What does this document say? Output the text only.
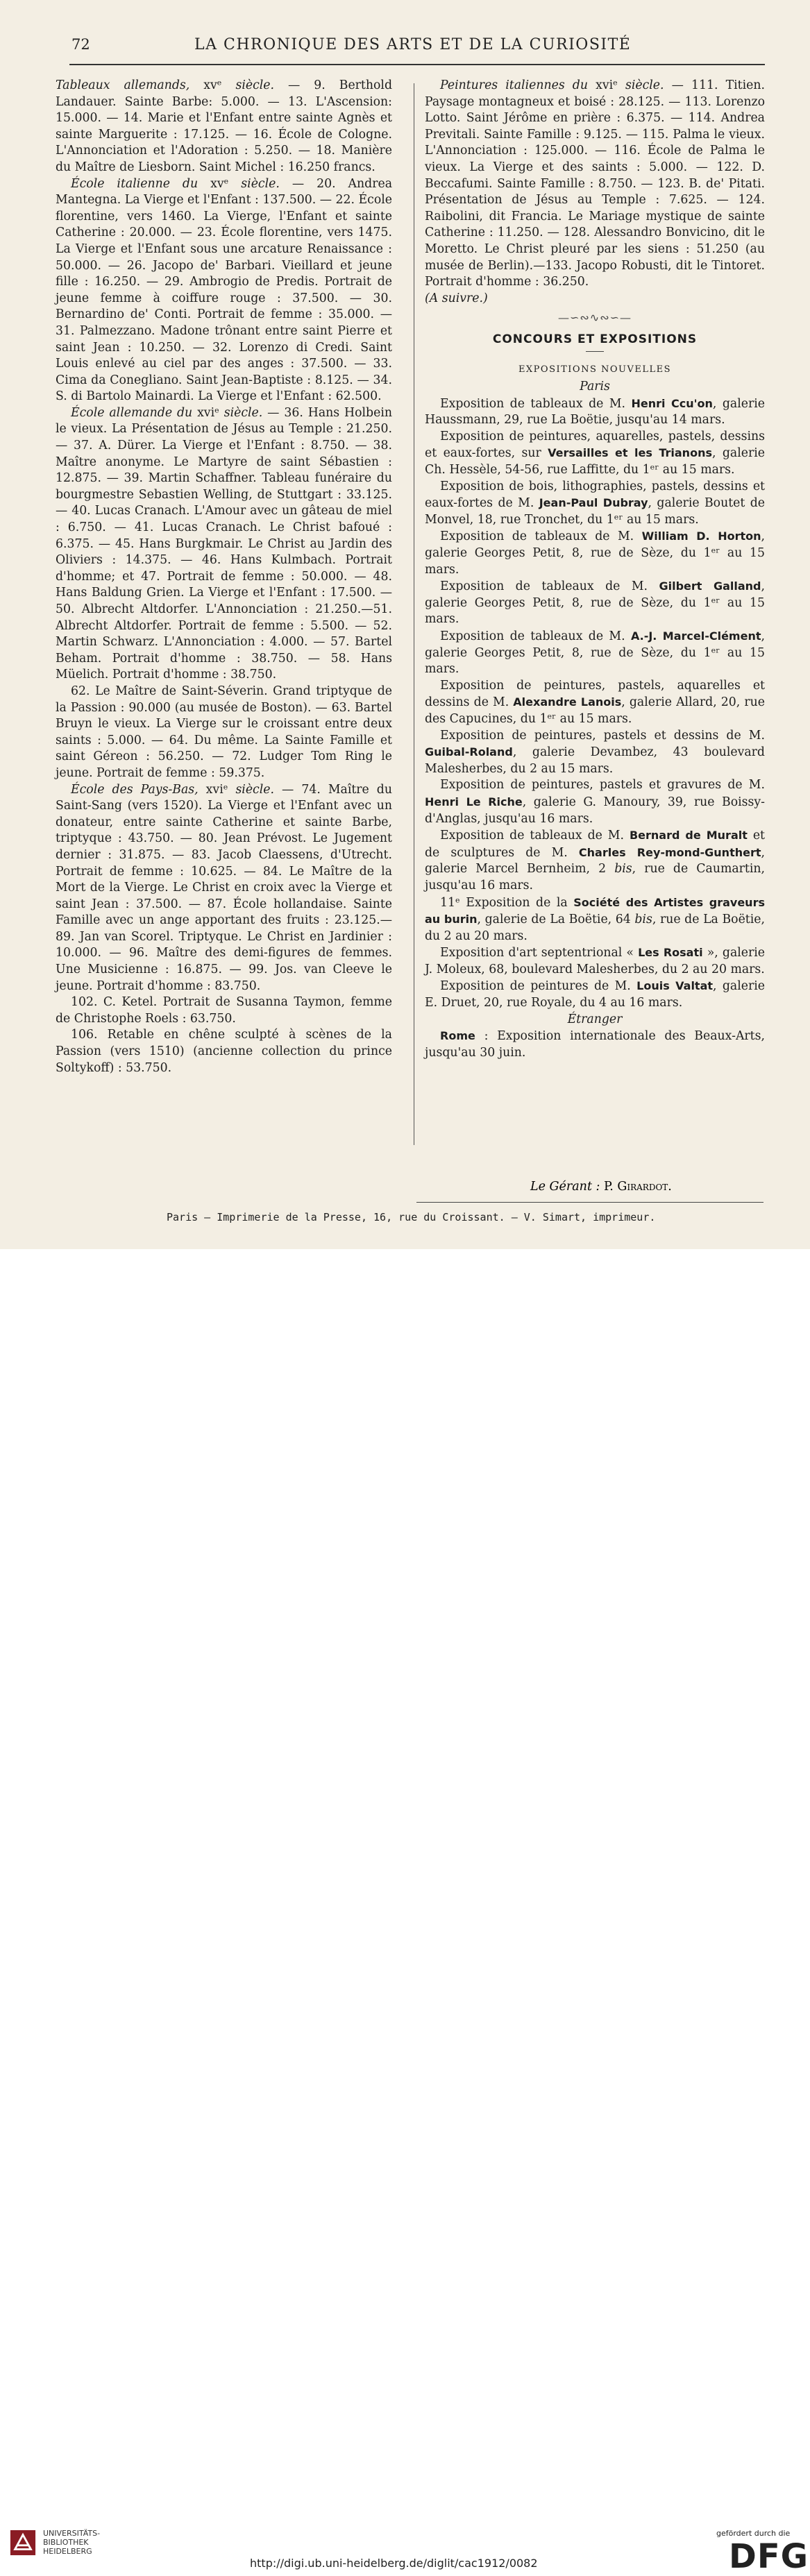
72	LA CHRONIQUE DES ARTS ET DE LA CURIOSITÉ

Tableaux allemands, xvᵉ siècle. — 9. Berthold Landauer. Sainte Barbe: 5.000. — 13. L'Ascension: 15.000. — 14. Marie et l'Enfant entre sainte Agnès et sainte Marguerite : 17.125. — 16. École de Cologne. L'Annonciation et l'Adoration : 5.250. — 18. Manière du Maître de Liesborn. Saint Michel : 16.250 francs.

École italienne du xvᵉ siècle. — 20. Andrea Mantegna. La Vierge et l'Enfant : 137.500. — 22. École florentine, vers 1460. La Vierge, l'Enfant et sainte Catherine : 20.000. — 23. École florentine, vers 1475. La Vierge et l'Enfant sous une arcature Renaissance : 50.000. — 26. Jacopo de' Barbari. Vieillard et jeune fille : 16.250. — 29. Ambrogio de Predis. Portrait de jeune femme à coiffure rouge : 37.500. — 30. Bernardino de' Conti. Portrait de femme : 35.000. — 31. Palmezzano. Madone trônant entre saint Pierre et saint Jean : 10.250. — 32. Lorenzo di Credi. Saint Louis enlevé au ciel par des anges : 37.500. — 33. Cima da Conegliano. Saint Jean-Baptiste : 8.125. — 34. S. di Bartolo Mainardi. La Vierge et l'Enfant : 62.500.

École allemande du xviᵉ siècle. — 36. Hans Holbein le vieux. La Présentation de Jésus au Temple : 21.250. — 37. A. Dürer. La Vierge et l'Enfant : 8.750. — 38. Maître anonyme. Le Martyre de saint Sébastien : 12.875. — 39. Martin Schaffner. Tableau funéraire du bourgmestre Sebastien Welling, de Stuttgart : 33.125. — 40. Lucas Cranach. L'Amour avec un gâteau de miel : 6.750. — 41. Lucas Cranach. Le Christ bafoué : 6.375. — 45. Hans Burgkmair. Le Christ au Jardin des Oliviers : 14.375. — 46. Hans Kulmbach. Portrait d'homme; et 47. Portrait de femme : 50.000. — 48. Hans Baldung Grien. La Vierge et l'Enfant : 17.500. — 50. Albrecht Altdorfer. L'Annonciation : 21.250.—51. Albrecht Altdorfer. Portrait de femme : 5.500. — 52. Martin Schwarz. L'Annonciation : 4.000. — 57. Bartel Beham. Portrait d'homme : 38.750. — 58. Hans Müelich. Portrait d'homme : 38.750.

62. Le Maître de Saint-Séverin. Grand triptyque de la Passion : 90.000 (au musée de Boston). — 63. Bartel Bruyn le vieux. La Vierge sur le croissant entre deux saints : 5.000. — 64. Du même. La Sainte Famille et saint Géreon : 56.250. — 72. Ludger Tom Ring le jeune. Portrait de femme : 59.375.

École des Pays-Bas, xviᵉ siècle. — 74. Maître du Saint-Sang (vers 1520). La Vierge et l'Enfant avec un donateur, entre sainte Catherine et sainte Barbe, triptyque : 43.750. — 80. Jean Prévost. Le Jugement dernier : 31.875. — 83. Jacob Claessens, d'Utrecht. Portrait de femme : 10.625. — 84. Le Maître de la Mort de la Vierge. Le Christ en croix avec la Vierge et saint Jean : 37.500. — 87. École hollandaise. Sainte Famille avec un ange apportant des fruits : 23.125.— 89. Jan van Scorel. Triptyque. Le Christ en Jardinier : 10.000. — 96. Maître des demi-figures de femmes. Une Musicienne : 16.875. — 99. Jos. van Cleeve le jeune. Portrait d'homme : 83.750.

102. C. Ketel. Portrait de Susanna Taymon, femme de Christophe Roels : 63.750.

106. Retable en chêne sculpté à scènes de la Passion (vers 1510) (ancienne collection du prince Soltykoff) : 53.750.

Peintures italiennes du xviᵉ siècle. — 111. Titien. Paysage montagneux et boisé : 28.125. — 113. Lorenzo Lotto. Saint Jérôme en prière : 6.375. — 114. Andrea Previtali. Sainte Famille : 9.125. — 115. Palma le vieux. L'Annonciation : 125.000. — 116. École de Palma le vieux. La Vierge et des saints : 5.000. — 122. D. Beccafumi. Sainte Famille : 8.750. — 123. B. de' Pitati. Présentation de Jésus au Temple : 7.625. — 124. Raibolini, dit Francia. Le Mariage mystique de sainte Catherine : 11.250. — 128. Alessandro Bonvicino, dit le Moretto. Le Christ pleuré par les siens : 51.250 (au musée de Berlin).—133. Jacopo Robusti, dit le Tintoret. Portrait d'homme : 36.250.

(A suivre.)

—∽∾∿∾∽—
CONCOURS ET EXPOSITIONS
EXPOSITIONS NOUVELLES
Paris

Exposition de tableaux de M. Henri Ccu'on, galerie Haussmann, 29, rue La Boëtie, jusqu'au 14 mars.

Exposition de peintures, aquarelles, pastels, dessins et eaux-fortes, sur Versailles et les Trianons, galerie Ch. Hessèle, 54-56, rue Laffitte, du 1ᵉʳ au 15 mars.

Exposition de bois, lithographies, pastels, dessins et eaux-fortes de M. Jean-Paul Dubray, galerie Boutet de Monvel, 18, rue Tronchet, du 1ᵉʳ au 15 mars.

Exposition de tableaux de M. William D. Horton, galerie Georges Petit, 8, rue de Sèze, du 1ᵉʳ au 15 mars.

Exposition de tableaux de M. Gilbert Galland, galerie Georges Petit, 8, rue de Sèze, du 1ᵉʳ au 15 mars.

Exposition de tableaux de M. A.-J. Marcel-Clément, galerie Georges Petit, 8, rue de Sèze, du 1ᵉʳ au 15 mars.

Exposition de peintures, pastels, aquarelles et dessins de M. Alexandre Lanois, galerie Allard, 20, rue des Capucines, du 1ᵉʳ au 15 mars.

Exposition de peintures, pastels et dessins de M. Guibal-Roland, galerie Devambez, 43 boulevard Malesherbes, du 2 au 15 mars.

Exposition de peintures, pastels et gravures de M. Henri Le Riche, galerie G. Manoury, 39, rue Boissy-d'Anglas, jusqu'au 16 mars.

Exposition de tableaux de M. Bernard de Muralt et de sculptures de M. Charles Rey-mond-Gunthert, galerie Marcel Bernheim, 2 bis, rue de Caumartin, jusqu'au 16 mars.

11ᵉ Exposition de la Société des Artistes graveurs au burin, galerie de La Boëtie, 64 bis, rue de La Boëtie, du 2 au 20 mars.

Exposition d'art septentrional « Les Rosati », galerie J. Moleux, 68, boulevard Malesherbes, du 2 au 20 mars.

Exposition de peintures de M. Louis Valtat, galerie E. Druet, 20, rue Royale, du 4 au 16 mars.

Étranger

Rome : Exposition internationale des Beaux-Arts, jusqu'au 30 juin.

Le Gérant : P. Girardot.
Paris — Imprimerie de la Presse, 16, rue du Croissant. — V. Simart, imprimeur.
UNIVERSITÄTS-
BIBLIOTHEK
HEIDELBERG
http://digi.ub.uni-heidelberg.de/diglit/cac1912/0082
gefördert durch die
DFG
